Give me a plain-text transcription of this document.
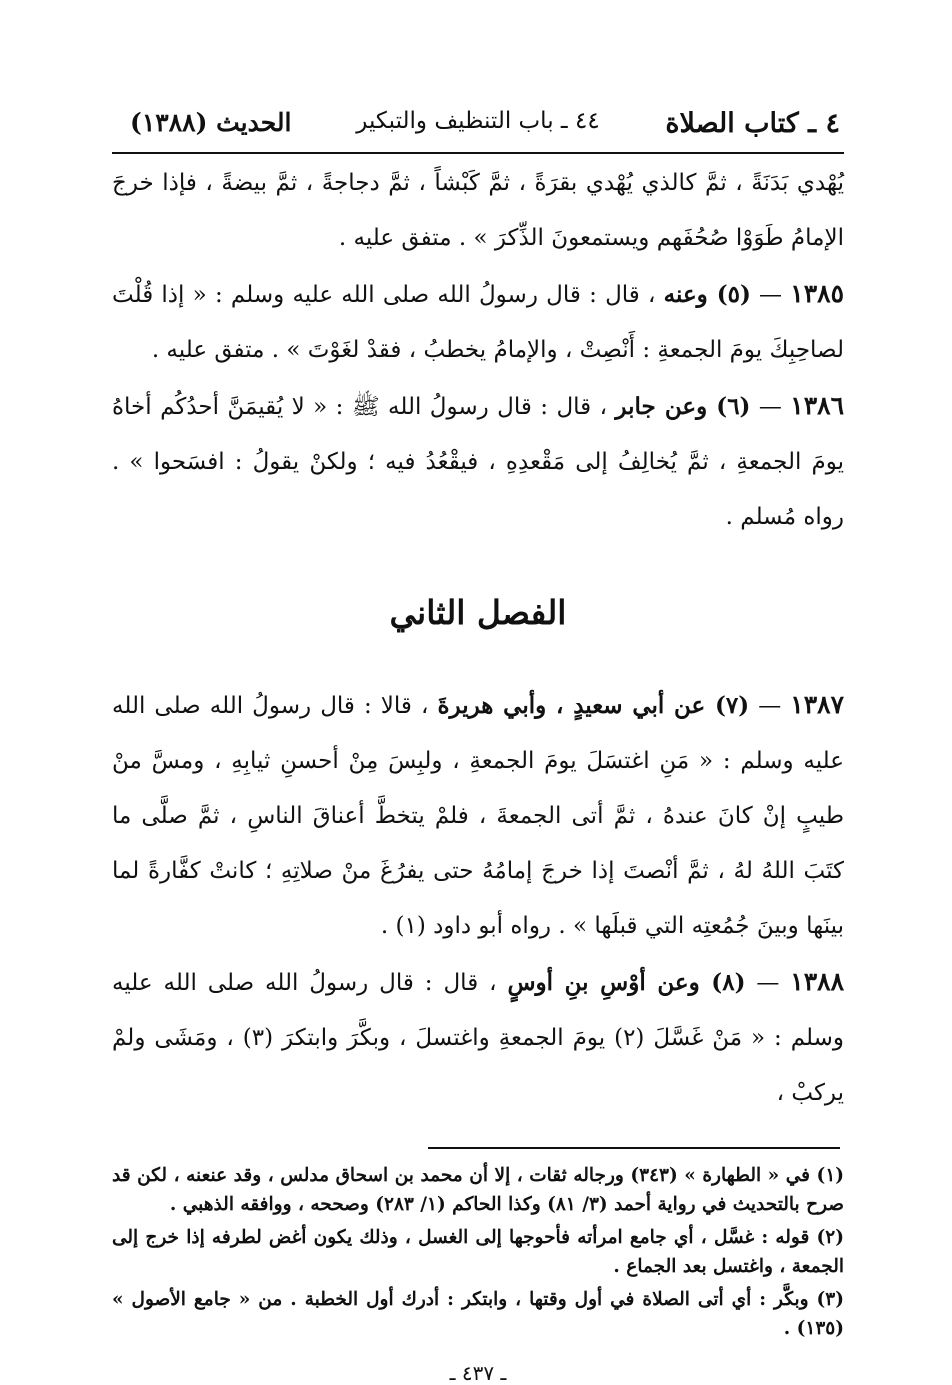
٤ ـ كتاب الصلاة
٤٤ ـ باب التنظيف والتبكير
الحديث (١٣٨٨)

يُهْدي بَدَنَةً ، ثمَّ كالذي يُهْدي بقرَةً ، ثمَّ كَبْشاً ، ثمَّ دجاجةً ، ثمَّ بيضةً ، فإذا خرجَ الإمامُ طَوَوْا صُحُفَهم ويستمعونَ الذِّكرَ » . متفق عليه .

١٣٨٥ — (٥) وعنه ، قال : قال رسولُ الله صلى الله عليه وسلم : « إذا قُلْتَ لصاحِبِكَ يومَ الجمعةِ : أَنْصِتْ ، والإمامُ يخطبُ ، فقدْ لغَوْتَ » . متفق عليه .

١٣٨٦ — (٦) وعن جابر ، قال : قال رسولُ الله ﷺ : « لا يُقيمَنَّ أحدُكُم أخاهُ يومَ الجمعةِ ، ثمَّ يُخالِفُ إلى مَقْعدِهِ ، فيقْعُدُ فيه ؛ ولكنْ يقولُ : افسَحوا » . رواه مُسلم .

الفصل الثاني

١٣٨٧ — (٧) عن أبي سعيدٍ ، وأبي هريرةَ ، قالا : قال رسولُ الله صلى الله عليه وسلم : « مَنِ اغتسَلَ يومَ الجمعةِ ، ولبِسَ مِنْ أحسنِ ثيابِهِ ، ومسَّ منْ طيبٍ إنْ كانَ عندهُ ، ثمَّ أتى الجمعةَ ، فلمْ يتخطَّ أعناقَ الناسِ ، ثمَّ صلَّى ما كتَبَ اللهُ لهُ ، ثمَّ أنْصتَ إذا خرجَ إمامُهُ حتى يفرُغَ منْ صلاتِهِ ؛ كانتْ كفَّارةً لما بينَها وبينَ جُمُعتِه التي قبلَها » . رواه أبو داود (١) .

١٣٨٨ — (٨) وعن أوْسِ بنِ أوسٍ ، قال : قال رسولُ الله صلى الله عليه وسلم : « مَنْ غَسَّلَ (٢) يومَ الجمعةِ واغتسلَ ، وبكَّرَ وابتكرَ (٣) ، ومَشَى ولمْ يركبْ ،

(١) في « الطهارة » (٣٤٣) ورجاله ثقات ، إلا أن محمد بن اسحاق مدلس ، وقد عنعنه ، لكن قد صرح بالتحديث في رواية أحمد (٣/ ٨١) وكذا الحاكم (١/ ٢٨٣) وصححه ، ووافقه الذهبي .

(٢) قوله : غسَّل ، أي جامع امرأته فأحوجها إلى الغسل ، وذلك يكون أغض لطرفه إذا خرج إلى الجمعة ، واغتسل بعد الجماع .

(٣) وبكَّر : أي أتى الصلاة في أول وقتها ، وابتكر : أدرك أول الخطبة . من « جامع الأصول » (١٣٥) .

ـ ٤٣٧ ـ
